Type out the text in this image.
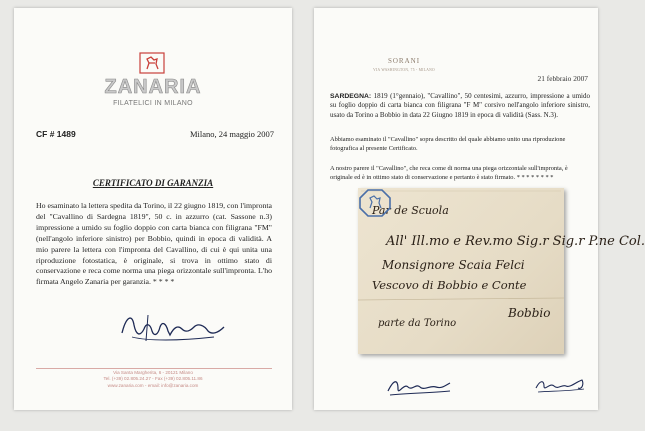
ZANARIA
FILATELICI IN MILANO
CF # 1489	Milano, 24 maggio 2007
CERTIFICATO DI GARANZIA
Ho esaminato la lettera spedita da Torino, il 22 giugno 1819, con l'impronta del "Cavallino di Sardegna 1819", 50 c. in azzurro (cat. Sassone n.3) impressione a umido su foglio doppio con carta bianca con filigrana "FM" (nell'angolo inferiore sinistro) per Bobbio, quindi in epoca di validità. A mio parere la lettera con l'impronta del Cavallino, di cui è qui unita una riproduzione fotostatica, è originale, si trova in ottimo stato di conservazione e reca come norma una piega orizzontale sull'impronta. L'ho firmata Angelo Zanaria per garanzia. * * * *
Via Santa Margherita, 6 - 20121 Milano
Tel. (+39) 02.805.24.27 - Fax (+39) 02.805.11.86
www.zanaria.com - email: info@zanaria.com
SORANI
VIA WASHINGTON, 75 - MILANO
21 febbraio 2007
SARDEGNA: 1819 (1°gennaio), "Cavallino", 50 centesimi, azzurro, impressione a umido su foglio doppio di carta bianca con filigrana "F M" corsivo nell'angolo inferiore sinistro, usato da Torino a Bobbio in data 22 Giugno 1819 in epoca di validità (Sass. N.3).
Abbiamo esaminato il "Cavallino" sopra descritto del quale abbiamo unito una riproduzione fotografica al presente Certificato.
A nostro parere il "Cavallino", che reca come di norma una piega orizzontale sull'impronta, è originale ed è in ottimo stato di conservazione e pertanto è stato firmato. * * * * * * * *
Par de Scuola
All' Ill.mo e Rev.mo Sig.r Sig.r P.ne Col.
Monsignore Scaia Felci
Vescovo di Bobbio e Conte
parte da Torino
Bobbio
